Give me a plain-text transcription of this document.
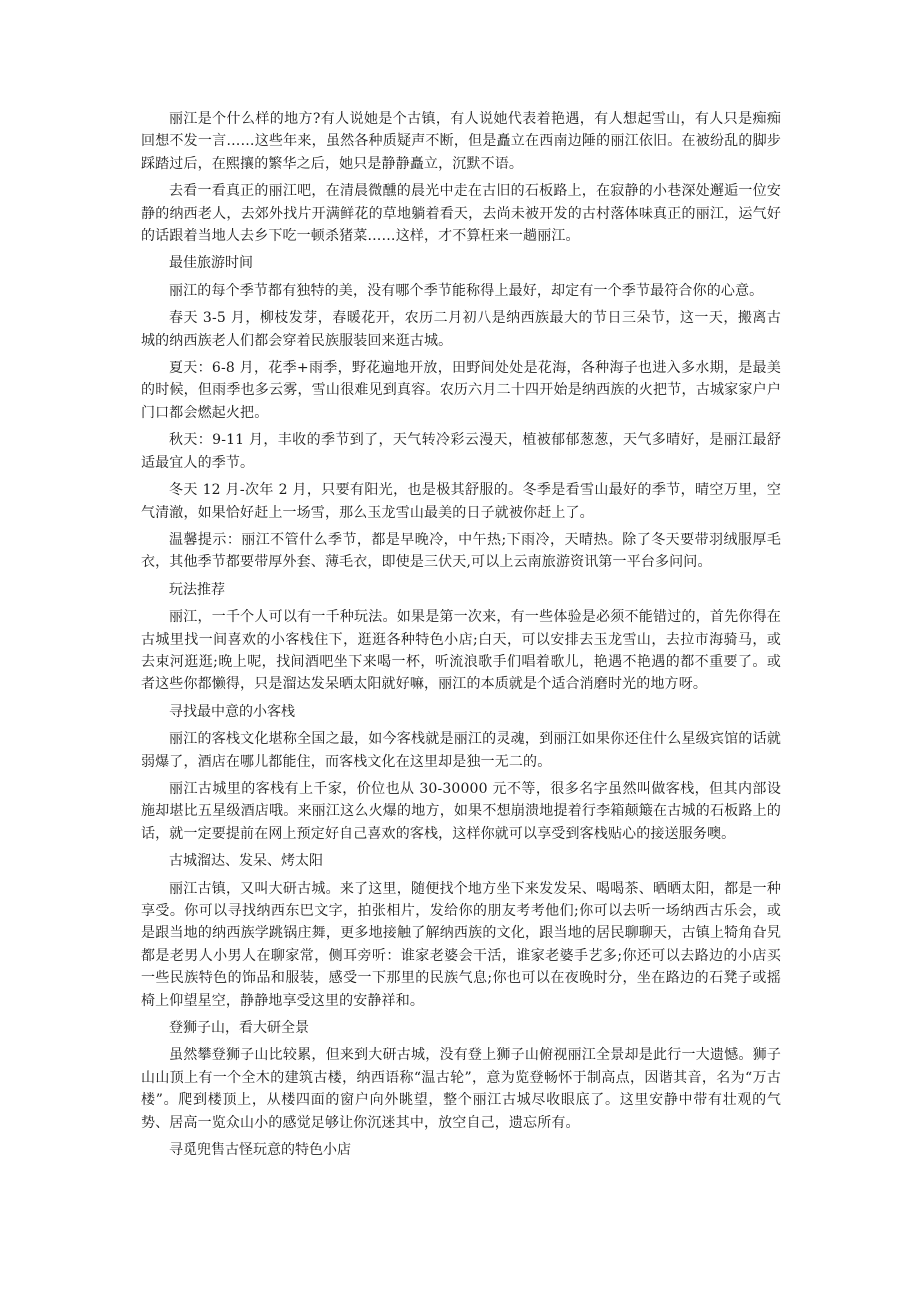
丽江是个什么样的地方?有人说她是个古镇，有人说她代表着艳遇，有人想起雪山，有人只是痴痴回想不发一言……这些年来，虽然各种质疑声不断，但是矗立在西南边陲的丽江依旧。在被纷乱的脚步踩踏过后，在熙攘的繁华之后，她只是静静矗立，沉默不语。

去看一看真正的丽江吧，在清晨微醺的晨光中走在古旧的石板路上，在寂静的小巷深处邂逅一位安静的纳西老人，去郊外找片开满鲜花的草地躺着看天，去尚未被开发的古村落体味真正的丽江，运气好的话跟着当地人去乡下吃一顿杀猪菜……这样，才不算枉来一趟丽江。

最佳旅游时间

丽江的每个季节都有独特的美，没有哪个季节能称得上最好，却定有一个季节最符合你的心意。

春天 3-5 月，柳枝发芽，春暖花开，农历二月初八是纳西族最大的节日三朵节，这一天，搬离古城的纳西族老人们都会穿着民族服装回来逛古城。

夏天：6-8 月，花季+雨季，野花遍地开放，田野间处处是花海，各种海子也进入多水期，是最美的时候，但雨季也多云雾，雪山很难见到真容。农历六月二十四开始是纳西族的火把节，古城家家户户门口都会燃起火把。

秋天：9-11 月，丰收的季节到了，天气转冷彩云漫天，植被郁郁葱葱，天气多晴好，是丽江最舒适最宜人的季节。

冬天 12 月-次年 2 月，只要有阳光，也是极其舒服的。冬季是看雪山最好的季节，晴空万里，空气清澈，如果恰好赶上一场雪，那么玉龙雪山最美的日子就被你赶上了。

温馨提示：丽江不管什么季节，都是早晚冷，中午热;下雨冷，天晴热。除了冬天要带羽绒服厚毛衣，其他季节都要带厚外套、薄毛衣，即使是三伏天,可以上云南旅游资讯第一平台多问问。

玩法推荐

丽江，一千个人可以有一千种玩法。如果是第一次来，有一些体验是必须不能错过的，首先你得在古城里找一间喜欢的小客栈住下，逛逛各种特色小店;白天，可以安排去玉龙雪山，去拉市海骑马，或去束河逛逛;晚上呢，找间酒吧坐下来喝一杯，听流浪歌手们唱着歌儿，艳遇不艳遇的都不重要了。或者这些你都懒得，只是溜达发呆晒太阳就好嘛，丽江的本质就是个适合消磨时光的地方呀。

寻找最中意的小客栈

丽江的客栈文化堪称全国之最，如今客栈就是丽江的灵魂，到丽江如果你还住什么星级宾馆的话就弱爆了，酒店在哪儿都能住，而客栈文化在这里却是独一无二的。

丽江古城里的客栈有上千家，价位也从 30-30000 元不等，很多名字虽然叫做客栈，但其内部设施却堪比五星级酒店哦。来丽江这么火爆的地方，如果不想崩溃地提着行李箱颠簸在古城的石板路上的话，就一定要提前在网上预定好自己喜欢的客栈，这样你就可以享受到客栈贴心的接送服务噢。

古城溜达、发呆、烤太阳

丽江古镇，又叫大研古城。来了这里，随便找个地方坐下来发发呆、喝喝茶、晒晒太阳，都是一种享受。你可以寻找纳西东巴文字，拍张相片，发给你的朋友考考他们;你可以去听一场纳西古乐会，或是跟当地的纳西族学跳锅庄舞，更多地接触了解纳西族的文化，跟当地的居民聊聊天，古镇上犄角旮旯都是老男人小男人在聊家常，侧耳旁听：谁家老婆会干活，谁家老婆手艺多;你还可以去路边的小店买一些民族特色的饰品和服装，感受一下那里的民族气息;你也可以在夜晚时分，坐在路边的石凳子或摇椅上仰望星空，静静地享受这里的安静祥和。

登狮子山，看大研全景

虽然攀登狮子山比较累，但来到大研古城，没有登上狮子山俯视丽江全景却是此行一大遗憾。狮子山山顶上有一个全木的建筑古楼，纳西语称“温古轮”，意为览登畅怀于制高点，因谐其音，名为“万古楼”。爬到楼顶上，从楼四面的窗户向外眺望，整个丽江古城尽收眼底了。这里安静中带有壮观的气势、居高一览众山小的感觉足够让你沉迷其中，放空自己，遗忘所有。

寻觅兜售古怪玩意的特色小店
